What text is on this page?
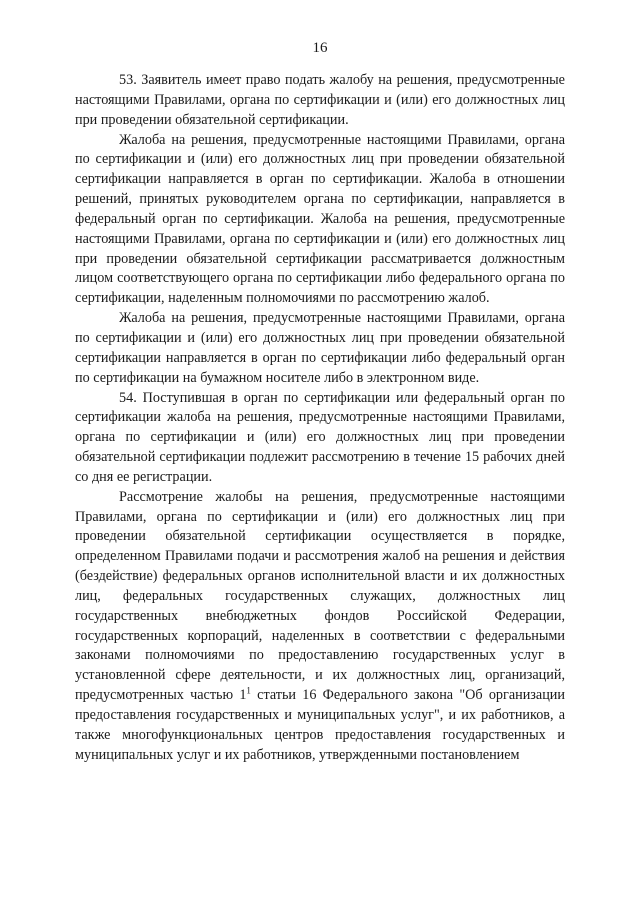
16

53. Заявитель имеет право подать жалобу на решения, предусмотренные настоящими Правилами, органа по сертификации и (или) его должностных лиц при проведении обязательной сертификации.

Жалоба на решения, предусмотренные настоящими Правилами, органа по сертификации и (или) его должностных лиц при проведении обязательной сертификации направляется в орган по сертификации. Жалоба в отношении решений, принятых руководителем органа по сертификации, направляется в федеральный орган по сертификации. Жалоба на решения, предусмотренные настоящими Правилами, органа по сертификации и (или) его должностных лиц при проведении обязательной сертификации рассматривается должностным лицом соответствующего органа по сертификации либо федерального органа по сертификации, наделенным полномочиями по рассмотрению жалоб.

Жалоба на решения, предусмотренные настоящими Правилами, органа по сертификации и (или) его должностных лиц при проведении обязательной сертификации направляется в орган по сертификации либо федеральный орган по сертификации на бумажном носителе либо в электронном виде.

54. Поступившая в орган по сертификации или федеральный орган по сертификации жалоба на решения, предусмотренные настоящими Правилами, органа по сертификации и (или) его должностных лиц при проведении обязательной сертификации подлежит рассмотрению в течение 15 рабочих дней со дня ее регистрации.

Рассмотрение жалобы на решения, предусмотренные настоящими Правилами, органа по сертификации и (или) его должностных лиц при проведении обязательной сертификации осуществляется в порядке, определенном Правилами подачи и рассмотрения жалоб на решения и действия (бездействие) федеральных органов исполнительной власти и их должностных лиц, федеральных государственных служащих, должностных лиц государственных внебюджетных фондов Российской Федерации, государственных корпораций, наделенных в соответствии с федеральными законами полномочиями по предоставлению государственных услуг в установленной сфере деятельности, и их должностных лиц, организаций, предусмотренных частью $1^1$ статьи 16 Федерального закона "Об организации предоставления государственных и муниципальных услуг", и их работников, а также многофункциональных центров предоставления государственных и муниципальных услуг и их работников, утвержденными постановлением
